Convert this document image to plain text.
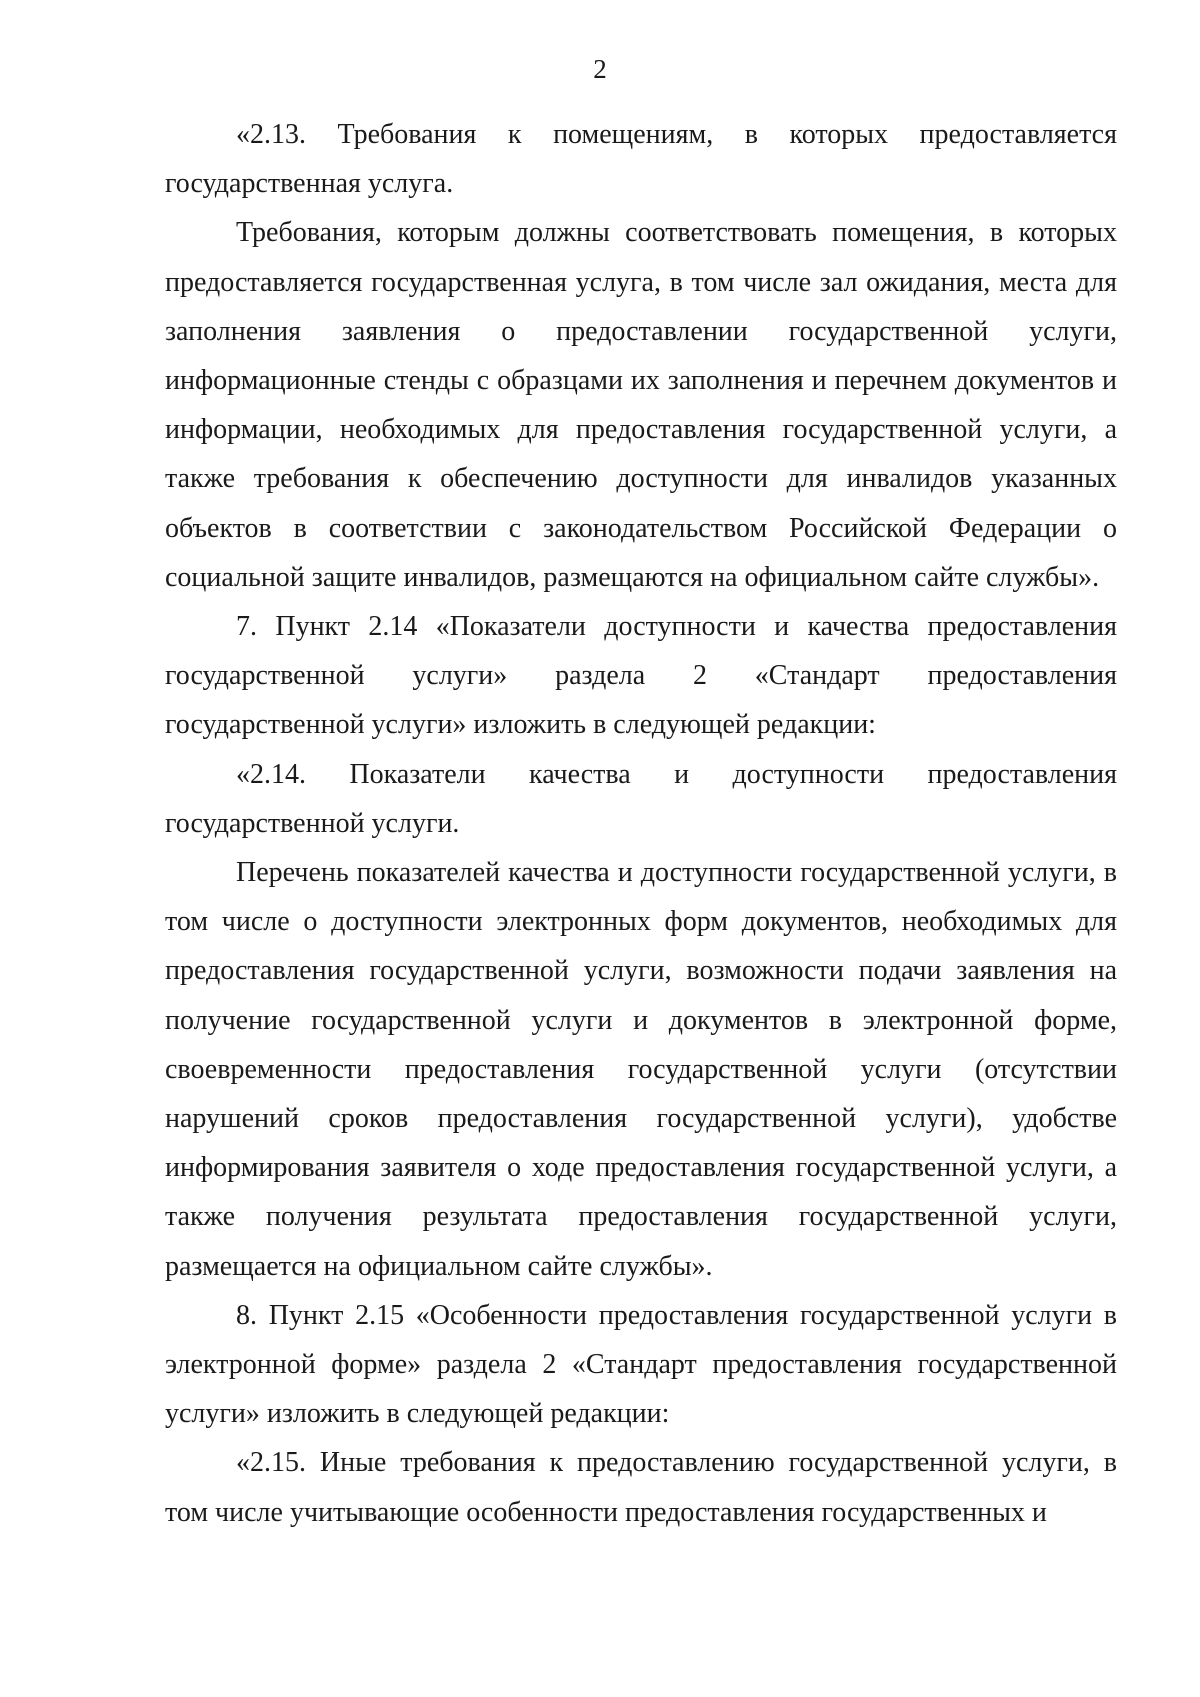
2

«2.13. Требования к помещениям, в которых предоставляется государственная услуга.

Требования, которым должны соответствовать помещения, в которых предоставляется государственная услуга, в том числе зал ожидания, места для заполнения заявления о предоставлении государственной услуги, информационные стенды с образцами их заполнения и перечнем документов и информации, необходимых для предоставления государственной услуги, а также требования к обеспечению доступности для инвалидов указанных объектов в соответствии с законодательством Российской Федерации о социальной защите инвалидов, размещаются на официальном сайте службы».

7. Пункт 2.14 «Показатели доступности и качества предоставления государственной услуги» раздела 2 «Стандарт предоставления государственной услуги» изложить в следующей редакции:

«2.14. Показатели качества и доступности предоставления государственной услуги.

Перечень показателей качества и доступности государственной услуги, в том числе о доступности электронных форм документов, необходимых для предоставления государственной услуги, возможности подачи заявления на получение государственной услуги и документов в электронной форме, своевременности предоставления государственной услуги (отсутствии нарушений сроков предоставления государственной услуги), удобстве информирования заявителя о ходе предоставления государственной услуги, а также получения результата предоставления государственной услуги, размещается на официальном сайте службы».

8. Пункт 2.15 «Особенности предоставления государственной услуги в электронной форме» раздела 2 «Стандарт предоставления государственной услуги» изложить в следующей редакции:

«2.15. Иные требования к предоставлению государственной услуги, в том числе учитывающие особенности предоставления государственных и
